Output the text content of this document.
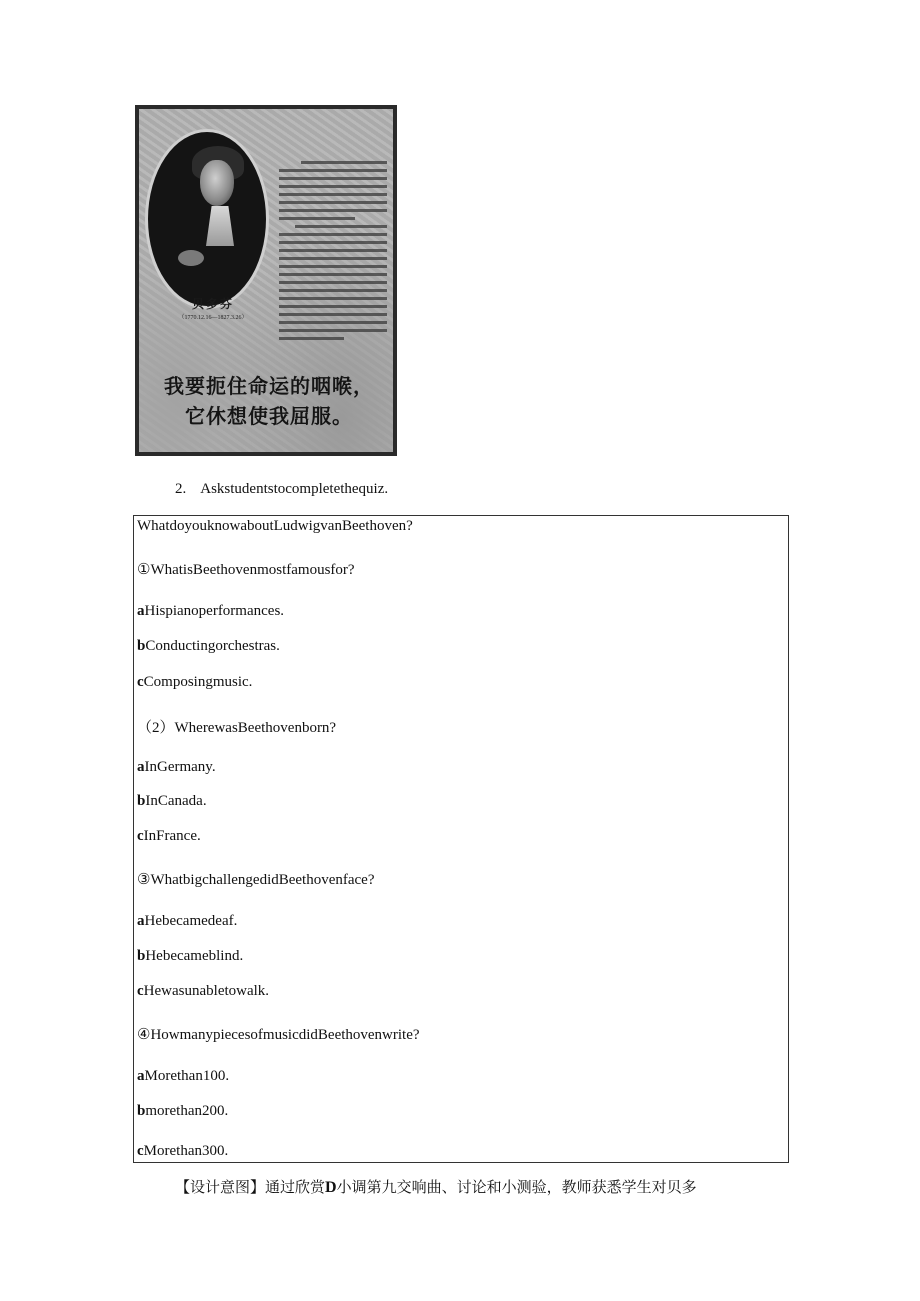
贝多芬
（1770.12.16—1827.3.26）
我要扼住命运的咽喉，
它休想使我屈服。
2. Askstudentstocompletethequiz.
WhatdoyouknowaboutLudwigvanBeethoven?
①WhatisBeethovenmostfamousfor?
aHispianoperformances.
bConductingorchestras.
cComposingmusic.
（2）WherewasBeethovenborn?
aInGermany.
bInCanada.
cInFrance.
③WhatbigchallengedidBeethovenface?
aHebecamedeaf.
bHebecameblind.
cHewasunabletowalk.
④HowmanypiecesofmusicdidBeethovenwrite?
aMorethan100.
bmorethan200.
cMorethan300.
【设计意图】通过欣赏D小调第九交响曲、讨论和小测验，教师获悉学生对贝多
